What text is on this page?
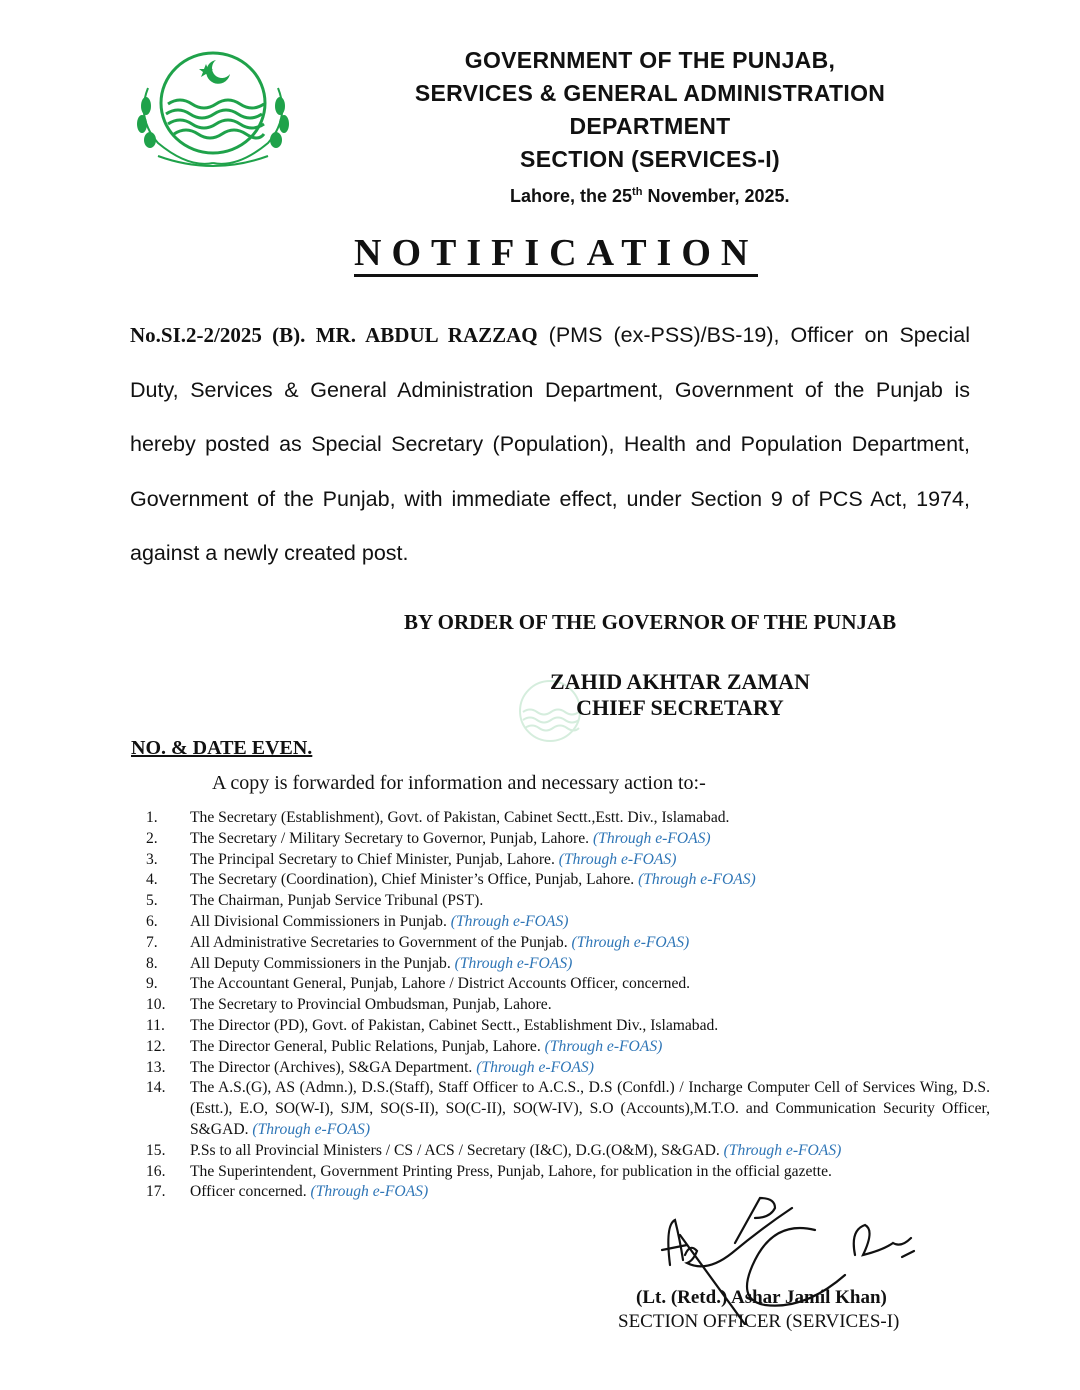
GOVERNMENT OF THE PUNJAB,
SERVICES & GENERAL ADMINISTRATION
DEPARTMENT
SECTION (SERVICES-I)
Lahore, the 25th November, 2025.
NOTIFICATION
No.SI.2-2/2025 (B). MR. ABDUL RAZZAQ (PMS (ex-PSS)/BS-19), Officer on Special Duty, Services & General Administration Department, Government of the Punjab is hereby posted as Special Secretary (Population), Health and Population Department, Government of the Punjab, with immediate effect, under Section 9 of PCS Act, 1974, against a newly created post.
BY ORDER OF THE GOVERNOR OF THE PUNJAB
ZAHID AKHTAR ZAMAN
CHIEF SECRETARY
NO. & DATE EVEN.
A copy is forwarded for information and necessary action to:-
1.	The Secretary (Establishment), Govt. of Pakistan, Cabinet Sectt.,Estt. Div., Islamabad.
2.	The Secretary / Military Secretary to Governor, Punjab, Lahore. (Through e-FOAS)
3.	The Principal Secretary to Chief Minister, Punjab, Lahore. (Through e-FOAS)
4.	The Secretary (Coordination), Chief Minister’s Office, Punjab, Lahore. (Through e-FOAS)
5.	The Chairman, Punjab Service Tribunal (PST).
6.	All Divisional Commissioners in Punjab. (Through e-FOAS)
7.	All Administrative Secretaries to Government of the Punjab. (Through e-FOAS)
8.	All Deputy Commissioners in the Punjab. (Through e-FOAS)
9.	The Accountant General, Punjab, Lahore / District Accounts Officer, concerned.
10.	The Secretary to Provincial Ombudsman, Punjab, Lahore.
11.	The Director (PD), Govt. of Pakistan, Cabinet Sectt., Establishment Div., Islamabad.
12.	The Director General, Public Relations, Punjab, Lahore. (Through e-FOAS)
13.	The Director (Archives), S&GA Department. (Through e-FOAS)
14.	The A.S.(G), AS (Admn.), D.S.(Staff), Staff Officer to A.C.S., D.S (Confdl.) / Incharge Computer Cell of Services Wing, D.S.(Estt.), E.O, SO(W-I), SJM, SO(S-II), SO(C-II), SO(W-IV), S.O (Accounts),M.T.O. and Communication Security Officer, S&GAD. (Through e-FOAS)
15.	P.Ss to all Provincial Ministers / CS / ACS / Secretary (I&C), D.G.(O&M), S&GAD. (Through e-FOAS)
16.	The Superintendent, Government Printing Press, Punjab, Lahore, for publication in the official gazette.
17.	Officer concerned. (Through e-FOAS)
(Lt. (Retd.) Ashar Jamil Khan)
SECTION OFFICER (SERVICES-I)
